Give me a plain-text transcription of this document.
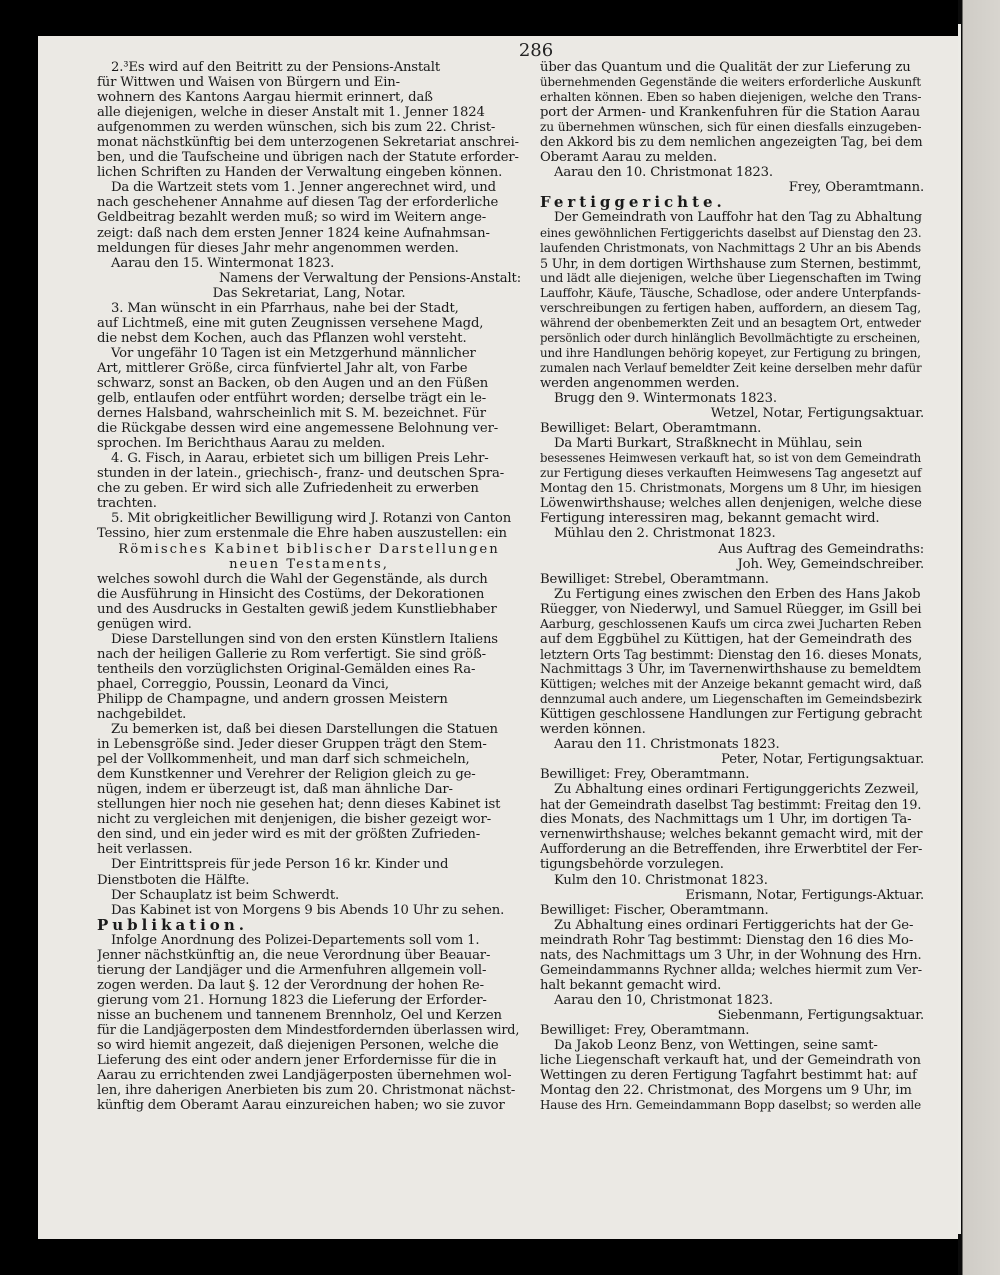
286

2.³Es wird auf den Beitritt zu der Pensions-Anstalt

für Wittwen und Waisen von Bürgern und Ein-

wohnern des Kantons Aargau hiermit erinnert, daß

alle diejenigen, welche in dieser Anstalt mit 1. Jenner 1824

aufgenommen zu werden wünschen, sich bis zum 22. Christ-

monat nächstkünftig bei dem unterzogenen Sekretariat anschrei-

ben, und die Taufscheine und übrigen nach der Statute erforder-

lichen Schriften zu Handen der Verwaltung eingeben können.

Da die Wartzeit stets vom 1. Jenner angerechnet wird, und

nach geschehener Annahme auf diesen Tag der erforderliche

Geldbeitrag bezahlt werden muß; so wird im Weitern ange-

zeigt: daß nach dem ersten Jenner 1824 keine Aufnahmsan-

meldungen für dieses Jahr mehr angenommen werden.

Aarau den 15. Wintermonat 1823.

Namens der Verwaltung der Pensions-Anstalt:

Das Sekretariat, Lang, Notar.

3. Man wünscht in ein Pfarrhaus, nahe bei der Stadt,

auf Lichtmeß, eine mit guten Zeugnissen versehene Magd,

die nebst dem Kochen, auch das Pflanzen wohl versteht.

Vor ungefähr 10 Tagen ist ein Metzgerhund männlicher

Art, mittlerer Größe, circa fünfviertel Jahr alt, von Farbe

schwarz, sonst an Backen, ob den Augen und an den Füßen

gelb, entlaufen oder entführt worden; derselbe trägt ein le-

dernes Halsband, wahrscheinlich mit S. M. bezeichnet. Für

die Rückgabe dessen wird eine angemessene Belohnung ver-

sprochen. Im Berichthaus Aarau zu melden.

4. G. Fisch, in Aarau, erbietet sich um billigen Preis Lehr-

stunden in der latein., griechisch-, franz- und deutschen Spra-

che zu geben. Er wird sich alle Zufriedenheit zu erwerben

trachten.

5. Mit obrigkeitlicher Bewilligung wird J. Rotanzi von Canton

Tessino, hier zum erstenmale die Ehre haben auszustellen: ein

Römisches Kabinet biblischer Darstellungen

neuen Testaments,

welches sowohl durch die Wahl der Gegenstände, als durch

die Ausführung in Hinsicht des Costüms, der Dekorationen

und des Ausdrucks in Gestalten gewiß jedem Kunstliebhaber

genügen wird.

Diese Darstellungen sind von den ersten Künstlern Italiens

nach der heiligen Gallerie zu Rom verfertigt. Sie sind größ-

tentheils den vorzüglichsten Original-Gemälden eines Ra-

phael, Correggio, Poussin, Leonard da Vinci,

Philipp de Champagne, und andern grossen Meistern

nachgebildet.

Zu bemerken ist, daß bei diesen Darstellungen die Statuen

in Lebensgröße sind. Jeder dieser Gruppen trägt den Stem-

pel der Vollkommenheit, und man darf sich schmeicheln,

dem Kunstkenner und Verehrer der Religion gleich zu ge-

nügen, indem er überzeugt ist, daß man ähnliche Dar-

stellungen hier noch nie gesehen hat; denn dieses Kabinet ist

nicht zu vergleichen mit denjenigen, die bisher gezeigt wor-

den sind, und ein jeder wird es mit der größten Zufrieden-

heit verlassen.

Der Eintrittspreis für jede Person 16 kr. Kinder und

Dienstboten die Hälfte.

Der Schauplatz ist beim Schwerdt.

Das Kabinet ist von Morgens 9 bis Abends 10 Uhr zu sehen.

Publikation.

Infolge Anordnung des Polizei-Departements soll vom 1.

Jenner nächstkünftig an, die neue Verordnung über Beauar-

tierung der Landjäger und die Armenfuhren allgemein voll-

zogen werden. Da laut §. 12 der Verordnung der hohen Re-

gierung vom 21. Hornung 1823 die Lieferung der Erforder-

nisse an buchenem und tannenem Brennholz, Oel und Kerzen

für die Landjägerposten dem Mindestfordernden überlassen wird,

so wird hiemit angezeit, daß diejenigen Personen, welche die

Lieferung des eint oder andern jener Erfordernisse für die in

Aarau zu errichtenden zwei Landjägerposten übernehmen wol-

len, ihre daherigen Anerbieten bis zum 20. Christmonat nächst-

künftig dem Oberamt Aarau einzureichen haben; wo sie zuvor

über das Quantum und die Qualität der zur Lieferung zu

übernehmenden Gegenstände die weiters erforderliche Auskunft

erhalten können. Eben so haben diejenigen, welche den Trans-

port der Armen- und Krankenfuhren für die Station Aarau

zu übernehmen wünschen, sich für einen diesfalls einzugeben-

den Akkord bis zu dem nemlichen angezeigten Tag, bei dem

Oberamt Aarau zu melden.

Aarau den 10. Christmonat 1823.

Frey, Oberamtmann.

Fertiggerichte.

Der Gemeindrath von Lauffohr hat den Tag zu Abhaltung

eines gewöhnlichen Fertiggerichts daselbst auf Dienstag den 23.

laufenden Christmonats, von Nachmittags 2 Uhr an bis Abends

5 Uhr, in dem dortigen Wirthshause zum Sternen, bestimmt,

und lädt alle diejenigen, welche über Liegenschaften im Twing

Lauffohr, Käufe, Täusche, Schadlose, oder andere Unterpfands-

verschreibungen zu fertigen haben, auffordern, an diesem Tag,

während der obenbemerkten Zeit und an besagtem Ort, entweder

persönlich oder durch hinlänglich Bevollmächtigte zu erscheinen,

und ihre Handlungen behörig kopeyet, zur Fertigung zu bringen,

zumalen nach Verlauf bemeldter Zeit keine derselben mehr dafür

werden angenommen werden.

Brugg den 9. Wintermonats 1823.

Wetzel, Notar, Fertigungsaktuar.

Bewilliget: Belart, Oberamtmann.

Da Marti Burkart, Straßknecht in Mühlau, sein

besessenes Heimwesen verkauft hat, so ist von dem Gemeindrath

zur Fertigung dieses verkauften Heimwesens Tag angesetzt auf

Montag den 15. Christmonats, Morgens um 8 Uhr, im hiesigen

Löwenwirthshause; welches allen denjenigen, welche diese

Fertigung interessiren mag, bekannt gemacht wird.

Mühlau den 2. Christmonat 1823.

Aus Auftrag des Gemeindraths:

Joh. Wey, Gemeindschreiber.

Bewilliget: Strebel, Oberamtmann.

Zu Fertigung eines zwischen den Erben des Hans Jakob

Rüegger, von Niederwyl, und Samuel Rüegger, im Gsill bei

Aarburg, geschlossenen Kaufs um circa zwei Jucharten Reben

auf dem Eggbühel zu Küttigen, hat der Gemeindrath des

letztern Orts Tag bestimmt: Dienstag den 16. dieses Monats,

Nachmittags 3 Uhr, im Tavernenwirthshause zu bemeldtem

Küttigen; welches mit der Anzeige bekannt gemacht wird, daß

dennzumal auch andere, um Liegenschaften im Gemeindsbezirk

Küttigen geschlossene Handlungen zur Fertigung gebracht

werden können.

Aarau den 11. Christmonats 1823.

Peter, Notar, Fertigungsaktuar.

Bewilliget: Frey, Oberamtmann.

Zu Abhaltung eines ordinari Fertigunggerichts Zezweil,

hat der Gemeindrath daselbst Tag bestimmt: Freitag den 19.

dies Monats, des Nachmittags um 1 Uhr, im dortigen Ta-

vernenwirthshause; welches bekannt gemacht wird, mit der

Aufforderung an die Betreffenden, ihre Erwerbtitel der Fer-

tigungsbehörde vorzulegen.

Kulm den 10. Christmonat 1823.

Erismann, Notar, Fertigungs-Aktuar.

Bewilliget: Fischer, Oberamtmann.

Zu Abhaltung eines ordinari Fertiggerichts hat der Ge-

meindrath Rohr Tag bestimmt: Dienstag den 16 dies Mo-

nats, des Nachmittags um 3 Uhr, in der Wohnung des Hrn.

Gemeindammanns Rychner allda; welches hiermit zum Ver-

halt bekannt gemacht wird.

Aarau den 10, Christmonat 1823.

Siebenmann, Fertigungsaktuar.

Bewilliget: Frey, Oberamtmann.

Da Jakob Leonz Benz, von Wettingen, seine samt-

liche Liegenschaft verkauft hat, und der Gemeindrath von

Wettingen zu deren Fertigung Tagfahrt bestimmt hat: auf

Montag den 22. Christmonat, des Morgens um 9 Uhr, im

Hause des Hrn. Gemeindammann Bopp daselbst; so werden alle
